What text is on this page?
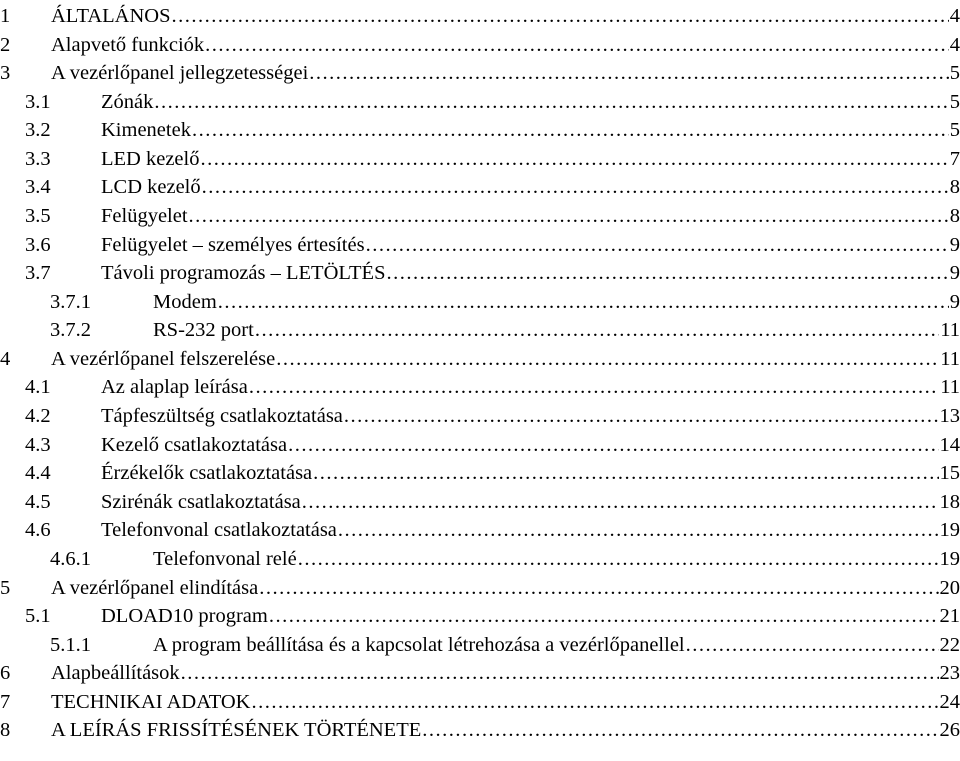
1	ÁLTALÁNOS .....	4
2	Alapvető funkciók .....	4
3	A vezérlőpanel jellegzetességei .....	5
3.1	Zónák .....	5
3.2	Kimenetek .....	5
3.3	LED kezelő .....	7
3.4	LCD kezelő .....	8
3.5	Felügyelet .....	8
3.6	Felügyelet – személyes értesítés .....	9
3.7	Távoli programozás – LETÖLTÉS .....	9
3.7.1	Modem .....	9
3.7.2	RS-232 port .....	11
4	A vezérlőpanel felszerelése .....	11
4.1	Az alaplap leírása .....	11
4.2	Tápfeszültség csatlakoztatása .....	13
4.3	Kezelő csatlakoztatása .....	14
4.4	Érzékelők csatlakoztatása .....	15
4.5	Szirénák csatlakoztatása .....	18
4.6	Telefonvonal csatlakoztatása .....	19
4.6.1	Telefonvonal relé .....	19
5	A vezérlőpanel elindítása .....	20
5.1	DLOAD10 program .....	21
5.1.1	A program beállítása és a kapcsolat létrehozása a vezérlőpanellel .....	22
6	Alapbeállítások .....	23
7	TECHNIKAI ADATOK .....	24
8	A LEÍRÁS FRISSÍTÉSÉNEK TÖRTÉNETE .....	26
